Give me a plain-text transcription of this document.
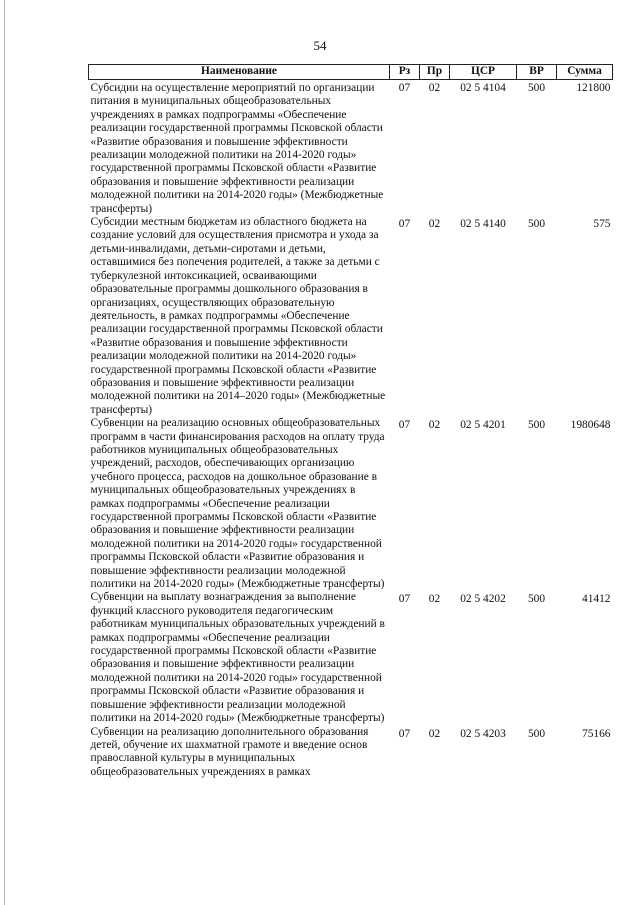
54
Наименование	Рз	Пр	ЦСР	ВР	Сумма
Субсидии на осуществление мероприятий по организации питания в муниципальных общеобразовательных учреждениях в рамках подпрограммы «Обеспечение реализации государственной программы Псковской области «Развитие образования и повышение эффективности реализации молодежной политики на 2014-2020 годы» государственной программы Псковской области «Развитие образования и повышение эффективности реализации молодежной политики на 2014-2020 годы» (Межбюджетные трансферты)	07	02	02 5 4104	500	121800
Субсидии местным бюджетам из областного бюджета на создание условий для осуществления присмотра и ухода за детьми-инвалидами, детьми-сиротами и детьми, оставшимися без попечения родителей, а также за детьми с туберкулезной интоксикацией, осваивающими образовательные программы дошкольного образования в организациях, осуществляющих образовательную деятельность, в рамках подпрограммы «Обеспечение реализации государственной программы Псковской области «Развитие образования и повышение эффективности реализации молодежной политики на 2014-2020 годы» государственной программы Псковской области «Развитие образования и повышение эффективности реализации молодежной политики на 2014–2020 годы» (Межбюджетные трансферты)	07	02	02 5 4140	500	575
Субвенции на реализацию основных общеобразовательных программ в части финансирования расходов на оплату труда работников муниципальных общеобразовательных учреждений, расходов, обеспечивающих организацию учебного процесса, расходов на дошкольное образование в муниципальных общеобразовательных учреждениях в рамках подпрограммы «Обеспечение реализации государственной программы Псковской области «Развитие образования и повышение эффективности реализации молодежной политики на 2014-2020 годы» государственной программы Псковской области «Развитие образования и повышение эффективности реализации молодежной политики на 2014-2020 годы» (Межбюджетные трансферты)	07	02	02 5 4201	500	1980648
Субвенции на выплату вознаграждения за выполнение функций классного руководителя педагогическим работникам муниципальных образовательных учреждений в рамках подпрограммы «Обеспечение реализации государственной программы Псковской области «Развитие образования и повышение эффективности реализации молодежной политики на 2014-2020 годы» государственной программы Псковской области «Развитие образования и повышение эффективности реализации молодежной политики на 2014-2020 годы» (Межбюджетные трансферты)	07	02	02 5 4202	500	41412
Субвенции на реализацию дополнительного образования детей, обучение их шахматной грамоте и введение основ православной культуры в муниципальных общеобразовательных учреждениях в рамках	07	02	02 5 4203	500	75166
